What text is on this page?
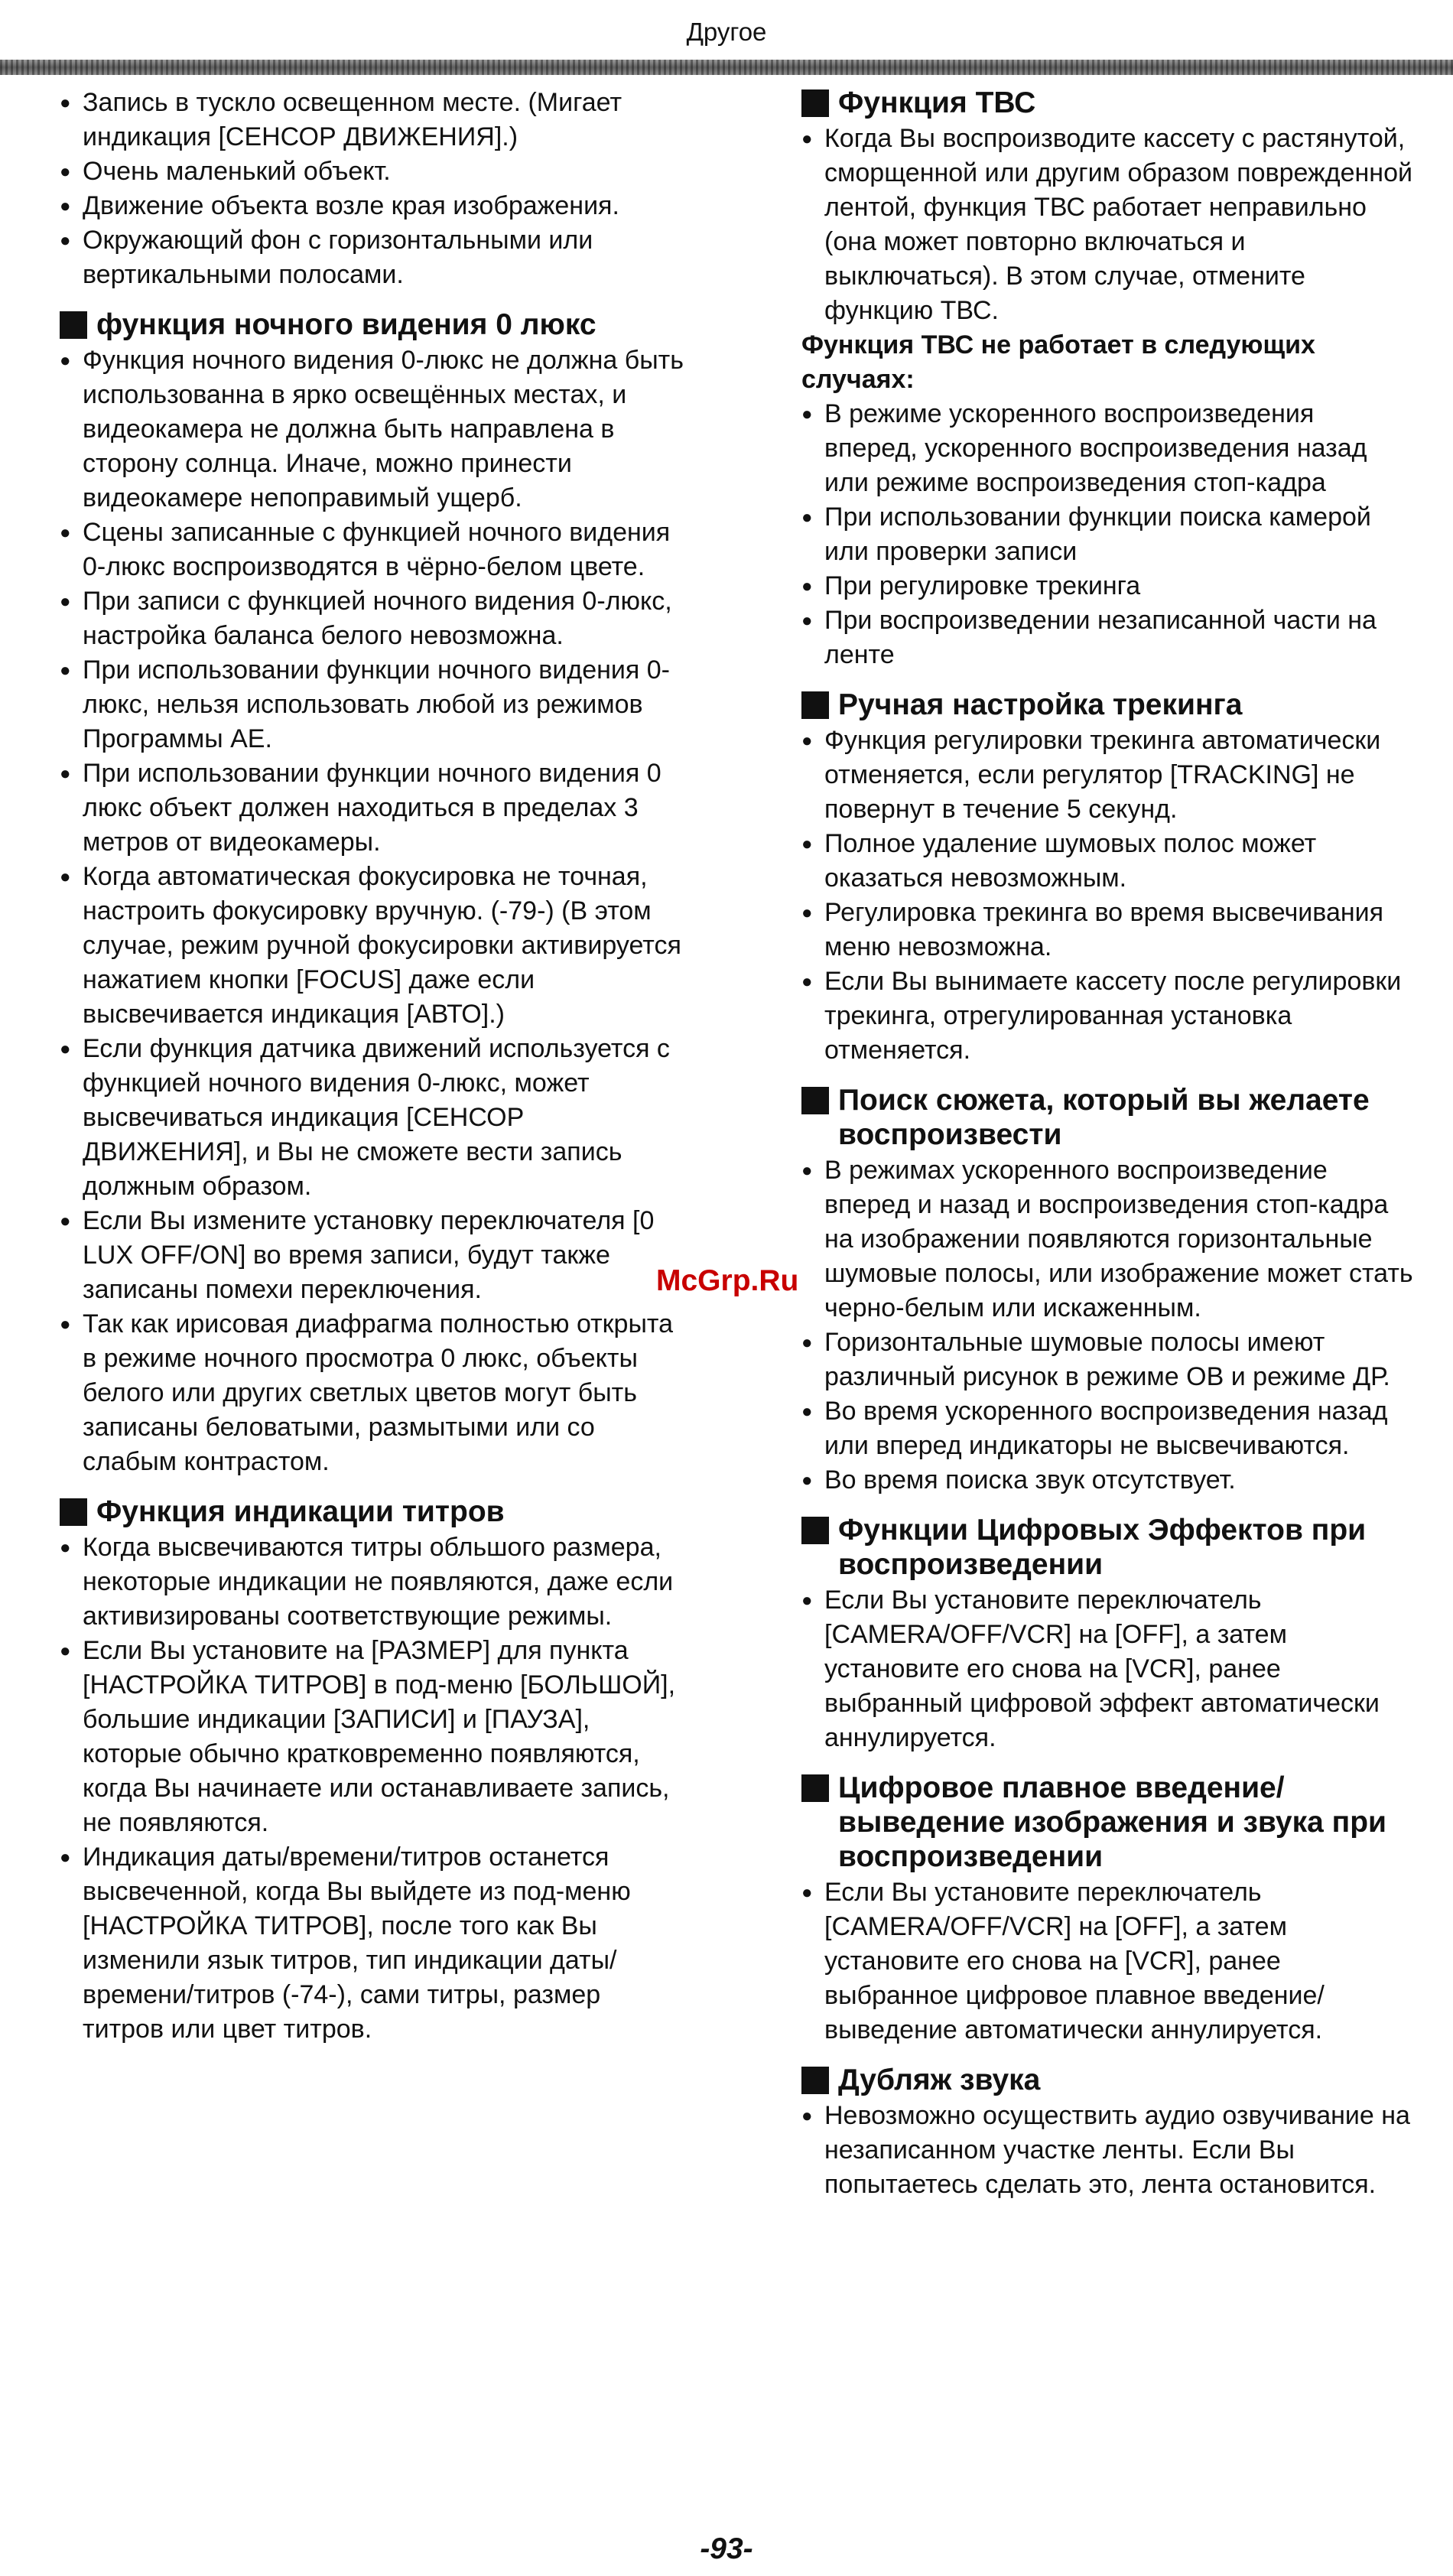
Другое
● Запись в тускло освещенном месте. (Мигает индикация [СЕНСОР ДВИЖЕНИЯ].)
● Очень маленький объект.
● Движение объекта возле края изображения.
● Окружающий фон с горизонтальными или вертикальными полосами.
функция ночного видения 0 люкс
● Функция ночного видения 0-люкс не должна быть использованна в ярко освещённых местах, и видеокамера не должна быть направлена в сторону солнца. Иначе, можно принести видеокамере непоправимый ущерб.
● Сцены записанные с функцией ночного видения 0-люкс воспроизводятся в чёрно-белом цвете.
● При записи с функцией ночного видения 0-люкс, настройка баланса белого невозможна.
● При использовании функции ночного видения 0-люкс, нельзя использовать любой из режимов Программы АЕ.
● При использовании функции ночного видения 0 люкс объект должен находиться в пределах 3 метров от видеокамеры.
● Когда автоматическая фокусировка не точная, настроить фокусировку вручную. (-79-) (В этом случае, режим ручной фокусировки активируется нажатием кнопки [FOCUS] даже если высвечивается индикация [АВТО].)
● Если функция датчика движений используется с функцией ночного видения 0-люкс, может высвечиваться индикация [СЕНСОР ДВИЖЕНИЯ], и Вы не сможете вести запись должным образом.
● Если Вы измените установку переключателя [0 LUX OFF/ON] во время записи, будут также записаны помехи переключения.
● Так как ирисовая диафрагма полностью открыта в режиме ночного просмотра 0 люкс, объекты белого или других светлых цветов могут быть записаны беловатыми, размытыми или со слабым контрастом.
Функция индикации титров
● Когда высвечиваются титры обльшого размера, некоторые индикации не появляются, даже если активизированы соответствующие режимы.
● Если Вы установите на [РАЗМЕР] для пункта [НАСТРОЙКА ТИТРОВ] в под-меню [БОЛЬШОЙ], большие индикации [ЗАПИСИ] и [ПАУЗА], которые обычно кратковременно появляются, когда Вы начинаете или останавливаете запись, не появляются.
● Индикация даты/времени/титров останется высвеченной, когда Вы выйдете из под-меню [НАСТРОЙКА ТИТРОВ], после того как Вы изменили язык титров, тип индикации даты/времени/титров (-74-), сами титры, размер титров или цвет титров.
Функция ТВС
● Когда Вы воспроизводите кассету с растянутой, сморщенной или другим образом поврежденной лентой, функция ТВС работает неправильно (она может повторно включаться и выключаться). В этом случае, отмените функцию ТВС.

Функция ТВС не работает в следующих случаях:

● В режиме ускоренного воспроизведения вперед, ускоренного воспроизведения назад или режиме воспроизведения стоп-кадра
● При использовании функции поиска камерой или проверки записи
● При регулировке трекинга
● При воспроизведении незаписанной части на ленте
Ручная настройка трекинга
● Функция регулировки трекинга автоматически отменяется, если регулятор [TRACKING] не повернут в течение 5 секунд.
● Полное удаление шумовых полос может оказаться невозможным.
● Регулировка трекинга во время высвечивания меню невозможна.
● Если Вы вынимаете кассету после регулировки трекинга, отрегулированная установка отменяется.
Поиск сюжета, который вы желаете воспроизвести
● В режимах ускоренного воспроизведение вперед и назад и воспроизведения стоп-кадра на изображении появляются горизонтальные шумовые полосы, или изображение может стать черно-белым или искаженным.
● Горизонтальные шумовые полосы имеют различный рисунок в режиме OB и режиме ДР.
● Во время ускоренного воспроизведения назад или вперед индикаторы не высвечиваются.
● Во время поиска звук отсутствует.
Функции Цифровых Эффектов при воспроизведении
● Если Вы установите переключатель [CAMERA/OFF/VCR] на [OFF], а затем установите его снова на [VCR], ранее выбранный цифровой эффект автоматически аннулируется.
Цифровое плавное введение/выведение изображения и звука при воспроизведении
● Если Вы установите переключатель [CAMERA/OFF/VCR] на [OFF], а затем установите его снова на [VCR], ранее выбранное цифровое плавное введение/выведение автоматически аннулируется.
Дубляж звука
● Невозможно осуществить аудио озвучивание на незаписанном участке ленты. Если Вы попытаетесь сделать это, лента остановится.
McGrp.Ru
-93-
